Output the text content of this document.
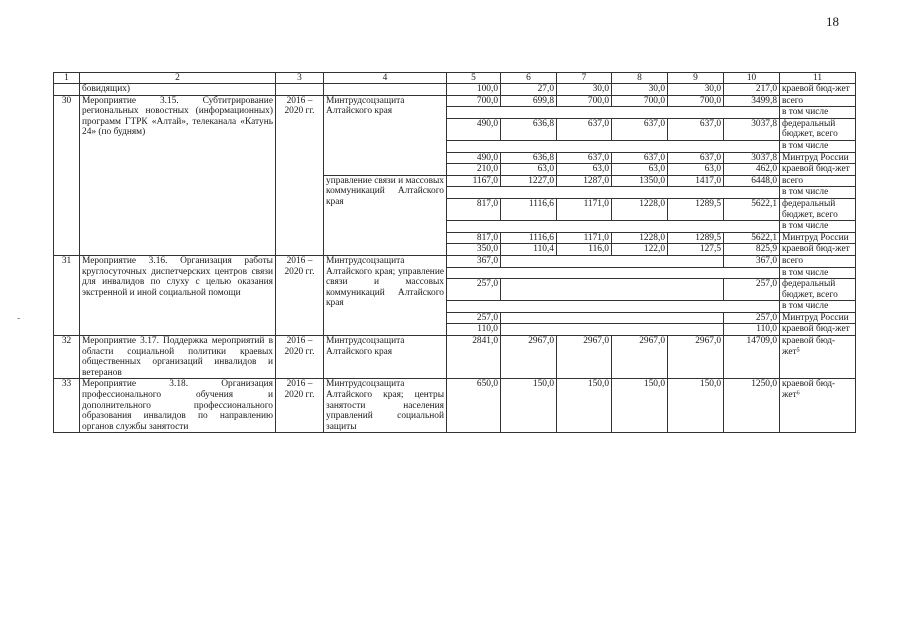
18
-
1	2	3	4	5	6	7	8	9	10	11
	бовидящих)			100,0	27,0	30,0	30,0	30,0	217,0	краевой бюд-жет
30	Мероприятие 3.15. Субтитрирование региональных новостных (информационных) программ ГТРК «Алтай», телеканала «Катунь 24» (по будням)	2016 – 2020 гг.	Минтрудсоцзащита Алтайского края	700,0	699,8	700,0	700,0	700,0	3499,8	всего
										в том числе
				490,0	636,8	637,0	637,0	637,0	3037,8	федеральный бюджет, всего
										в том числе
				490,0	636,8	637,0	637,0	637,0	3037,8	Минтруд России
				210,0	63,0	63,0	63,0	63,0	462,0	краевой бюд-жет
			управление связи и массовых коммуникаций Алтайского края	1167,0	1227,0	1287,0	1350,0	1417,0	6448,0	всего
										в том числе
				817,0	1116,6	1171,0	1228,0	1289,5	5622,1	федеральный бюджет, всего
										в том числе
				817,0	1116,6	1171,0	1228,0	1289,5	5622,1	Минтруд России
				350,0	110,4	116,0	122,0	127,5	825,9	краевой бюд-жет
31	Мероприятие 3.16. Организация работы круглосуточных диспетчерских центров связи для инвалидов по слуху с целью оказания экстренной и иной социальной помощи	2016 – 2020 гг.	Минтрудсоцзащита Алтайского края; управление связи и массовых коммуникаций Алтайского края	367,0					367,0	всего
										в том числе
				257,0					257,0	федеральный бюджет, всего
										в том числе
				257,0					257,0	Минтруд России
				110,0					110,0	краевой бюд-жет
32	Мероприятие 3.17. Поддержка мероприятий в области социальной политики краевых общественных организаций инвалидов и ветеранов	2016 – 2020 гг.	Минтрудсоцзащита Алтайского края	2841,0	2967,0	2967,0	2967,0	2967,0	14709,0	краевой бюд-жет⁵
33	Мероприятие 3.18. Организация профессионального обучения и дополнительного профессионального образования инвалидов по направлению органов службы занятости	2016 – 2020 гг.	Минтрудсоцзащита Алтайского края; центры занятости населения управлений социальной защиты	650,0	150,0	150,0	150,0	150,0	1250,0	краевой бюд-жет⁶
